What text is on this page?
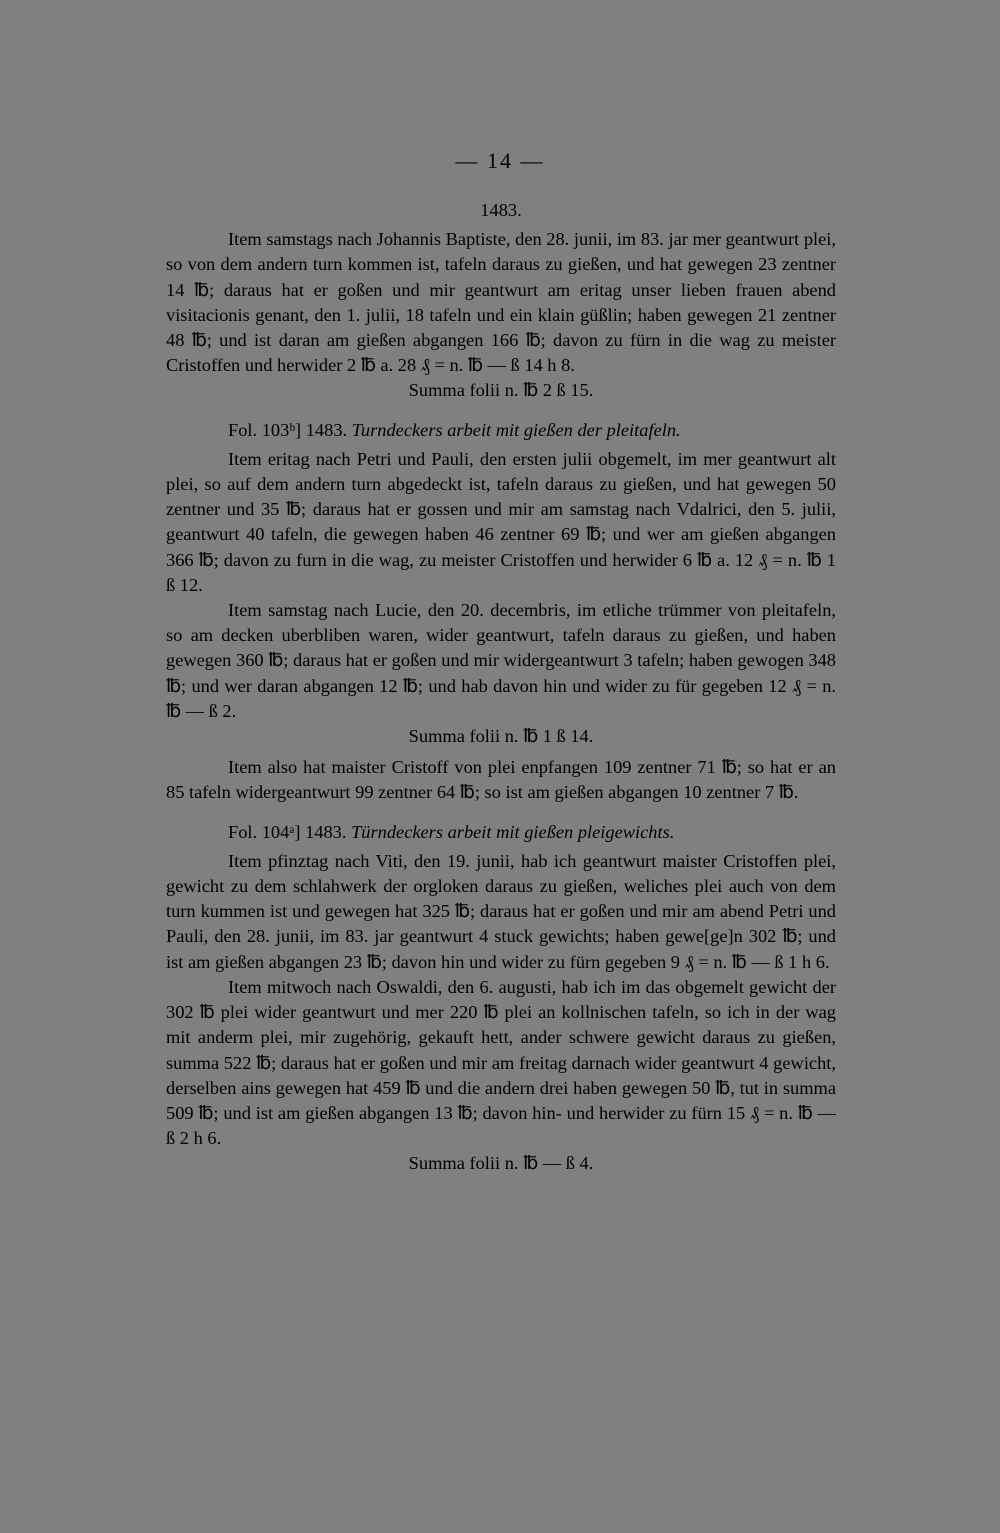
— 14 —

1483.

Item samstags nach Johannis Baptiste, den 28. junii, im 83. jar mer geantwurt plei, so von dem andern turn kommen ist, tafeln daraus zu gießen, und hat gewegen 23 zentner 14 ℔; daraus hat er goßen und mir geantwurt am eritag unser lieben frauen abend visitacionis genant, den 1. julii, 18 tafeln und ein klain güßlin; haben gewegen 21 zentner 48 ℔; und ist daran am gießen abgangen 166 ℔; davon zu fürn in die wag zu meister Cristoffen und herwider 2 ℔ a. 28 ₰ = n. ℔ — ß 14 h 8.

Summa folii n. ℔ 2 ß 15.

Fol. 103ᵇ] 1483. Turndeckers arbeit mit gießen der pleitafeln.

Item eritag nach Petri und Pauli, den ersten julii obgemelt, im mer geantwurt alt plei, so auf dem andern turn abgedeckt ist, tafeln daraus zu gießen, und hat gewegen 50 zentner und 35 ℔; daraus hat er gossen und mir am samstag nach Vdalrici, den 5. julii, geantwurt 40 tafeln, die gewegen haben 46 zentner 69 ℔; und wer am gießen abgangen 366 ℔; davon zu furn in die wag, zu meister Cristoffen und herwider 6 ℔ a. 12 ₰ = n. ℔ 1 ß 12.

Item samstag nach Lucie, den 20. decembris, im etliche trümmer von pleitafeln, so am decken uberbliben waren, wider geantwurt, tafeln daraus zu gießen, und haben gewegen 360 ℔; daraus hat er goßen und mir widergeantwurt 3 tafeln; haben gewogen 348 ℔; und wer daran abgangen 12 ℔; und hab davon hin und wider zu für gegeben 12 ₰ = n. ℔ — ß 2.

Summa folii n. ℔ 1 ß 14.

Item also hat maister Cristoff von plei enpfangen 109 zentner 71 ℔; so hat er an 85 tafeln widergeantwurt 99 zentner 64 ℔; so ist am gießen abgangen 10 zentner 7 ℔.

Fol. 104ᵃ] 1483. Türndeckers arbeit mit gießen pleigewichts.

Item pfinztag nach Viti, den 19. junii, hab ich geantwurt maister Cristoffen plei, gewicht zu dem schlahwerk der orgloken daraus zu gießen, weliches plei auch von dem turn kummen ist und gewegen hat 325 ℔; daraus hat er goßen und mir am abend Petri und Pauli, den 28. junii, im 83. jar geantwurt 4 stuck gewichts; haben gewe[ge]n 302 ℔; und ist am gießen abgangen 23 ℔; davon hin und wider zu fürn gegeben 9 ₰ = n. ℔ — ß 1 h 6.

Item mitwoch nach Oswaldi, den 6. augusti, hab ich im das obgemelt gewicht der 302 ℔ plei wider geantwurt und mer 220 ℔ plei an kollnischen tafeln, so ich in der wag mit anderm plei, mir zugehörig, gekauft hett, ander schwere gewicht daraus zu gießen, summa 522 ℔; daraus hat er goßen und mir am freitag darnach wider geantwurt 4 gewicht, derselben ains gewegen hat 459 ℔ und die andern drei haben gewegen 50 ℔, tut in summa 509 ℔; und ist am gießen abgangen 13 ℔; davon hin- und herwider zu fürn 15 ₰ = n. ℔ — ß 2 h 6.

Summa folii n. ℔ — ß 4.
